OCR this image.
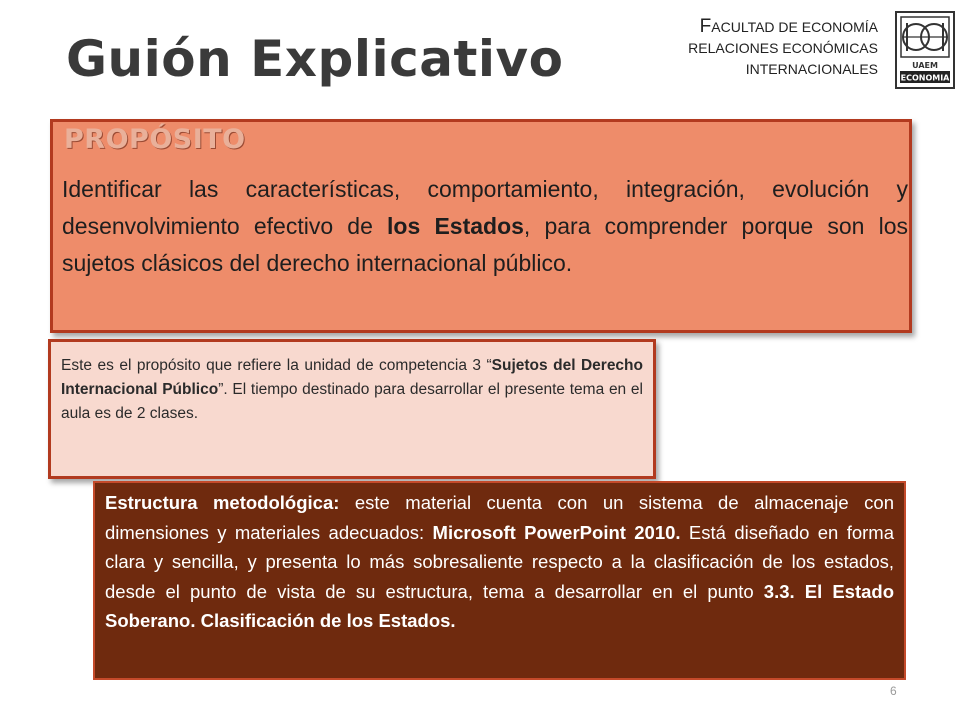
Guión Explicativo
FACULTAD DE ECONOMÍA
RELACIONES ECONÓMICAS
INTERNACIONALES	UAEM
ECONOMIA
PROPÓSITO
Identificar las características, comportamiento, integración, evolución y desenvolvimiento efectivo de los Estados, para comprender porque son los sujetos clásicos del derecho internacional público.
Este es el propósito que refiere la unidad de competencia 3 “Sujetos del Derecho Internacional Público”. El tiempo destinado para desarrollar el presente tema en el aula es de 2 clases.
Estructura metodológica: este material cuenta con un sistema de almacenaje con dimensiones y materiales adecuados: Microsoft PowerPoint 2010. Está diseñado en forma clara y sencilla, y presenta lo más sobresaliente respecto a la clasificación de los estados, desde el punto de vista de su estructura, tema a desarrollar en el punto 3.3. El Estado Soberano. Clasificación de los Estados.
6
